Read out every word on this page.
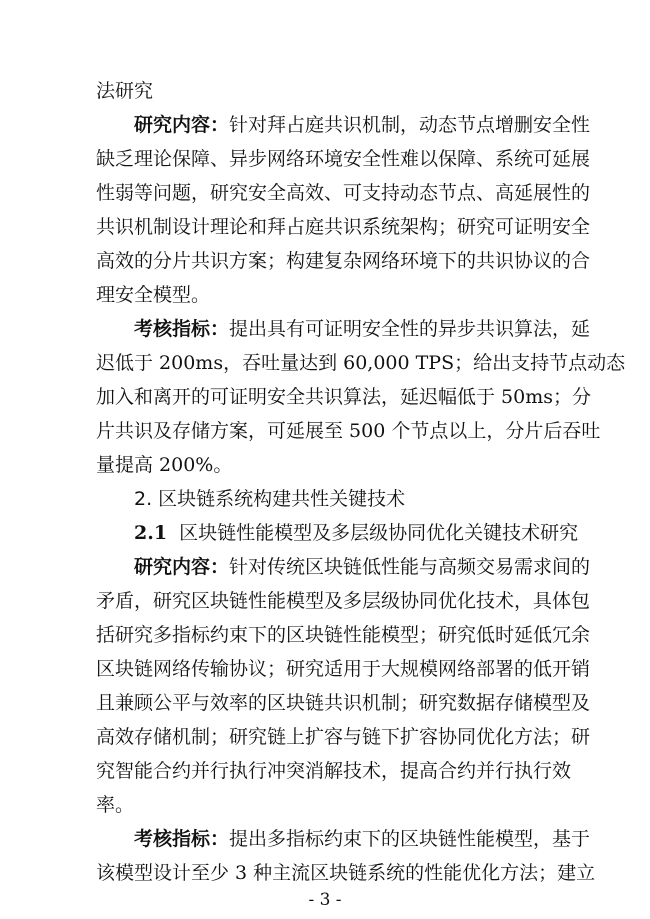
法研究
研究内容：针对拜占庭共识机制，动态节点增删安全性
缺乏理论保障、异步网络环境安全性难以保障、系统可延展
性弱等问题，研究安全高效、可支持动态节点、高延展性的
共识机制设计理论和拜占庭共识系统架构；研究可证明安全
高效的分片共识方案；构建复杂网络环境下的共识协议的合
理安全模型。
考核指标：提出具有可证明安全性的异步共识算法，延
迟低于 200ms，吞吐量达到 60,000 TPS；给出支持节点动态
加入和离开的可证明安全共识算法，延迟幅低于 50ms；分
片共识及存储方案，可延展至 500 个节点以上，分片后吞吐
量提高 200%。
2. 区块链系统构建共性关键技术
2.1 区块链性能模型及多层级协同优化关键技术研究
研究内容：针对传统区块链低性能与高频交易需求间的
矛盾，研究区块链性能模型及多层级协同优化技术，具体包
括研究多指标约束下的区块链性能模型；研究低时延低冗余
区块链网络传输协议；研究适用于大规模网络部署的低开销
且兼顾公平与效率的区块链共识机制；研究数据存储模型及
高效存储机制；研究链上扩容与链下扩容协同优化方法；研
究智能合约并行执行冲突消解技术，提高合约并行执行效
率。
考核指标：提出多指标约束下的区块链性能模型，基于
该模型设计至少 3 种主流区块链系统的性能优化方法；建立
- 3 -
